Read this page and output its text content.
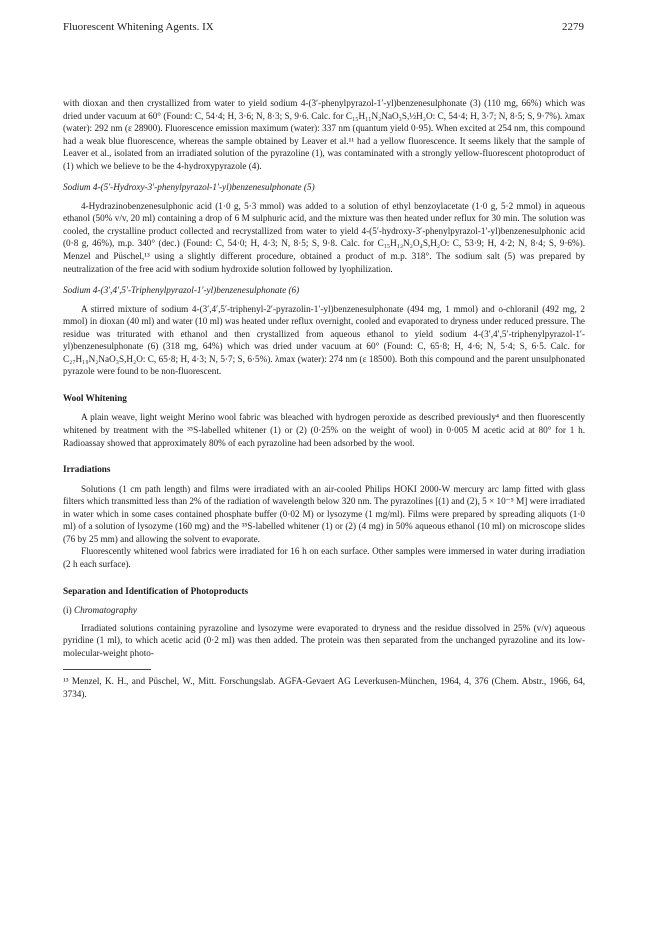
Fluorescent Whitening Agents. IX	2279

with dioxan and then crystallized from water to yield sodium 4-(3′-phenylpyrazol-1′-yl)benzenesulphonate (3) (110 mg, 66%) which was dried under vacuum at 60° (Found: C, 54·4; H, 3·6; N, 8·3; S, 9·6. Calc. for C₁₅H₁₁N₂NaO₃S,½H₂O: C, 54·4; H, 3·7; N, 8·5; S, 9·7%). λmax (water): 292 nm (ε 28900). Fluorescence emission maximum (water): 337 nm (quantum yield 0·95). When excited at 254 nm, this compound had a weak blue fluorescence, whereas the sample obtained by Leaver et al.¹¹ had a yellow fluorescence. It seems likely that the sample of Leaver et al., isolated from an irradiated solution of the pyrazoline (1), was contaminated with a strongly yellow-fluorescent photoproduct of (1) which we believe to be the 4-hydroxypyrazole (4).

Sodium 4-(5′-Hydroxy-3′-phenylpyrazol-1′-yl)benzenesulphonate (5)

4-Hydrazinobenzenesulphonic acid (1·0 g, 5·3 mmol) was added to a solution of ethyl benzoylacetate (1·0 g, 5·2 mmol) in aqueous ethanol (50% v/v, 20 ml) containing a drop of 6 M sulphuric acid, and the mixture was then heated under reflux for 30 min. The solution was cooled, the crystalline product collected and recrystallized from water to yield 4-(5′-hydroxy-3′-phenylpyrazol-1′-yl)benzenesulphonic acid (0·8 g, 46%), m.p. 340° (dec.) (Found: C, 54·0; H, 4·3; N, 8·5; S, 9·8. Calc. for C₁₅H₁₂N₂O₄S,H₂O: C, 53·9; H, 4·2; N, 8·4; S, 9·6%). Menzel and Püschel,¹³ using a slightly different procedure, obtained a product of m.p. 318°. The sodium salt (5) was prepared by neutralization of the free acid with sodium hydroxide solution followed by lyophilization.

Sodium 4-(3′,4′,5′-Triphenylpyrazol-1′-yl)benzenesulphonate (6)

A stirred mixture of sodium 4-(3′,4′,5′-triphenyl-2′-pyrazolin-1′-yl)benzenesulphonate (494 mg, 1 mmol) and o-chloranil (492 mg, 2 mmol) in dioxan (40 ml) and water (10 ml) was heated under reflux overnight, cooled and evaporated to dryness under reduced pressure. The residue was triturated with ethanol and then crystallized from aqueous ethanol to yield sodium 4-(3′,4′,5′-triphenylpyrazol-1′-yl)benzenesulphonate (6) (318 mg, 64%) which was dried under vacuum at 60° (Found: C, 65·8; H, 4·6; N, 5·4; S, 6·5. Calc. for C₂₇H₁₉N₂NaO₃S,H₂O: C, 65·8; H, 4·3; N, 5·7; S, 6·5%). λmax (water): 274 nm (ε 18500). Both this compound and the parent unsulphonated pyrazole were found to be non-fluorescent.

Wool Whitening

A plain weave, light weight Merino wool fabric was bleached with hydrogen peroxide as described previously⁴ and then fluorescently whitened by treatment with the ³⁵S-labelled whitener (1) or (2) (0·25% on the weight of wool) in 0·005 M acetic acid at 80° for 1 h. Radioassay showed that approximately 80% of each pyrazoline had been adsorbed by the wool.

Irradiations

Solutions (1 cm path length) and films were irradiated with an air-cooled Philips HOKI 2000-W mercury arc lamp fitted with glass filters which transmitted less than 2% of the radiation of wavelength below 320 nm. The pyrazolines [(1) and (2), 5 × 10⁻⁵ M] were irradiated in water which in some cases contained phosphate buffer (0·02 M) or lysozyme (1 mg/ml). Films were prepared by spreading aliquots (1·0 ml) of a solution of lysozyme (160 mg) and the ³⁵S-labelled whitener (1) or (2) (4 mg) in 50% aqueous ethanol (10 ml) on microscope slides (76 by 25 mm) and allowing the solvent to evaporate.

Fluorescently whitened wool fabrics were irradiated for 16 h on each surface. Other samples were immersed in water during irradiation (2 h each surface).

Separation and Identification of Photoproducts

(i) Chromatography

Irradiated solutions containing pyrazoline and lysozyme were evaporated to dryness and the residue dissolved in 25% (v/v) aqueous pyridine (1 ml), to which acetic acid (0·2 ml) was then added. The protein was then separated from the unchanged pyrazoline and its low-molecular-weight photo-

¹³ Menzel, K. H., and Püschel, W., Mitt. Forschungslab. AGFA-Gevaert AG Leverkusen-München, 1964, 4, 376 (Chem. Abstr., 1966, 64, 3734).
